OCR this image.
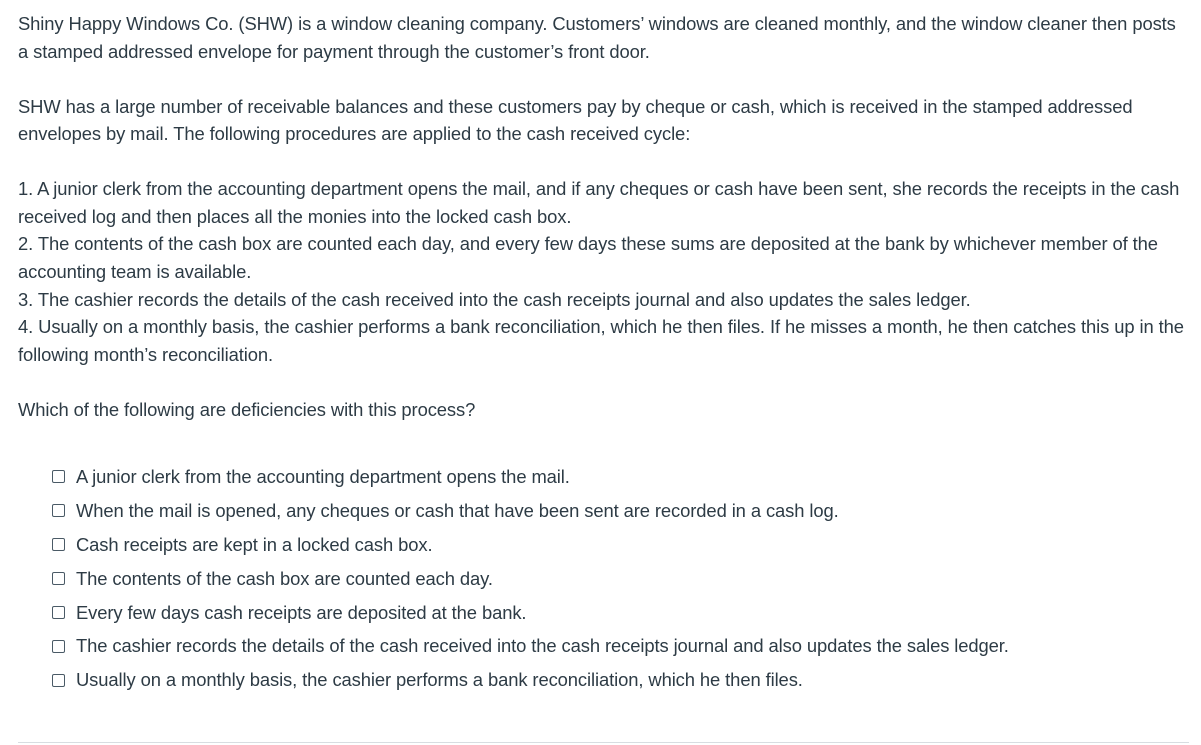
Shiny Happy Windows Co. (SHW) is a window cleaning company. Customers’ windows are cleaned monthly, and the window cleaner then posts a stamped addressed envelope for payment through the customer’s front door.

SHW has a large number of receivable balances and these customers pay by cheque or cash, which is received in the stamped addressed envelopes by mail. The following procedures are applied to the cash received cycle:

1. A junior clerk from the accounting department opens the mail, and if any cheques or cash have been sent, she records the receipts in the cash received log and then places all the monies into the locked cash box.
2. The contents of the cash box are counted each day, and every few days these sums are deposited at the bank by whichever member of the accounting team is available.
3. The cashier records the details of the cash received into the cash receipts journal and also updates the sales ledger.
4. Usually on a monthly basis, the cashier performs a bank reconciliation, which he then files. If he misses a month, he then catches this up in the following month’s reconciliation.

Which of the following are deficiencies with this process?

A junior clerk from the accounting department opens the mail.
When the mail is opened, any cheques or cash that have been sent are recorded in a cash log.
Cash receipts are kept in a locked cash box.
The contents of the cash box are counted each day.
Every few days cash receipts are deposited at the bank.
The cashier records the details of the cash received into the cash receipts journal and also updates the sales ledger.
Usually on a monthly basis, the cashier performs a bank reconciliation, which he then files.
